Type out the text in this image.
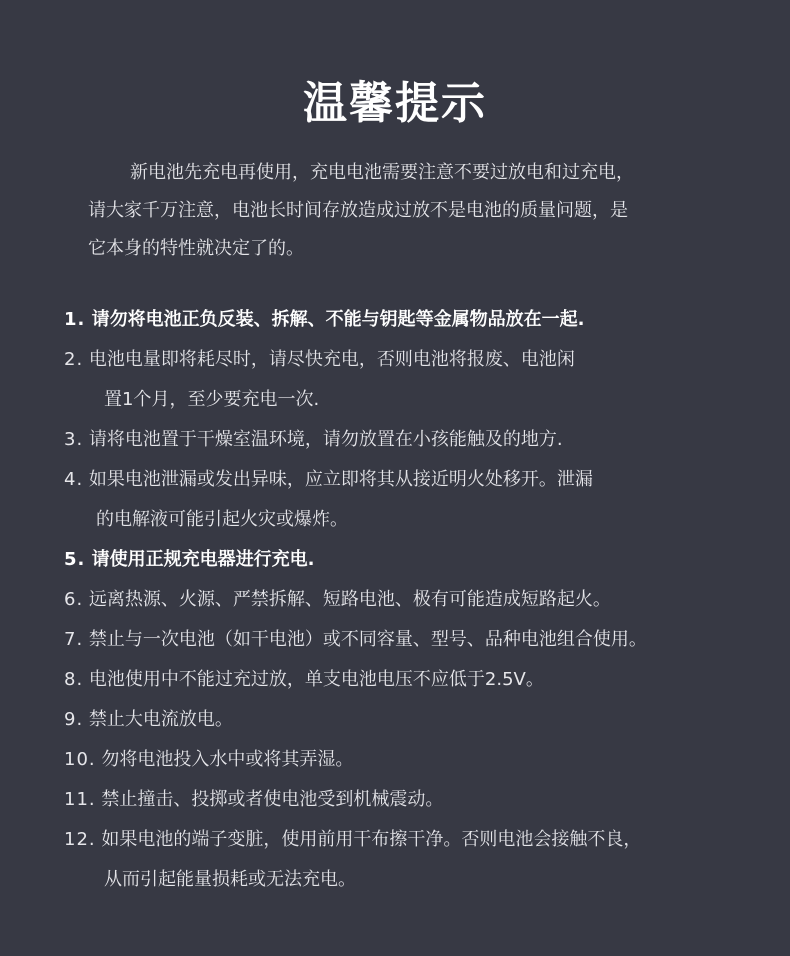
温馨提示
新电池先充电再使用，充电电池需要注意不要过放电和过充电，
请大家千万注意，电池长时间存放造成过放不是电池的质量问题，是
它本身的特性就决定了的。
1. 请勿将电池正负反装、拆解、不能与钥匙等金属物品放在一起.
2. 电池电量即将耗尽时，请尽快充电，否则电池将报废、电池闲
置1个月，至少要充电一次.
3. 请将电池置于干燥室温环境，请勿放置在小孩能触及的地方.
4. 如果电池泄漏或发出异味，应立即将其从接近明火处移开。泄漏
的电解液可能引起火灾或爆炸。
5. 请使用正规充电器进行充电.
6. 远离热源、火源、严禁拆解、短路电池、极有可能造成短路起火。
7. 禁止与一次电池（如干电池）或不同容量、型号、品种电池组合使用。
8. 电池使用中不能过充过放，单支电池电压不应低于2.5V。
9. 禁止大电流放电。
10. 勿将电池投入水中或将其弄湿。
11. 禁止撞击、投掷或者使电池受到机械震动。
12. 如果电池的端子变脏，使用前用干布擦干净。否则电池会接触不良，
从而引起能量损耗或无法充电。
